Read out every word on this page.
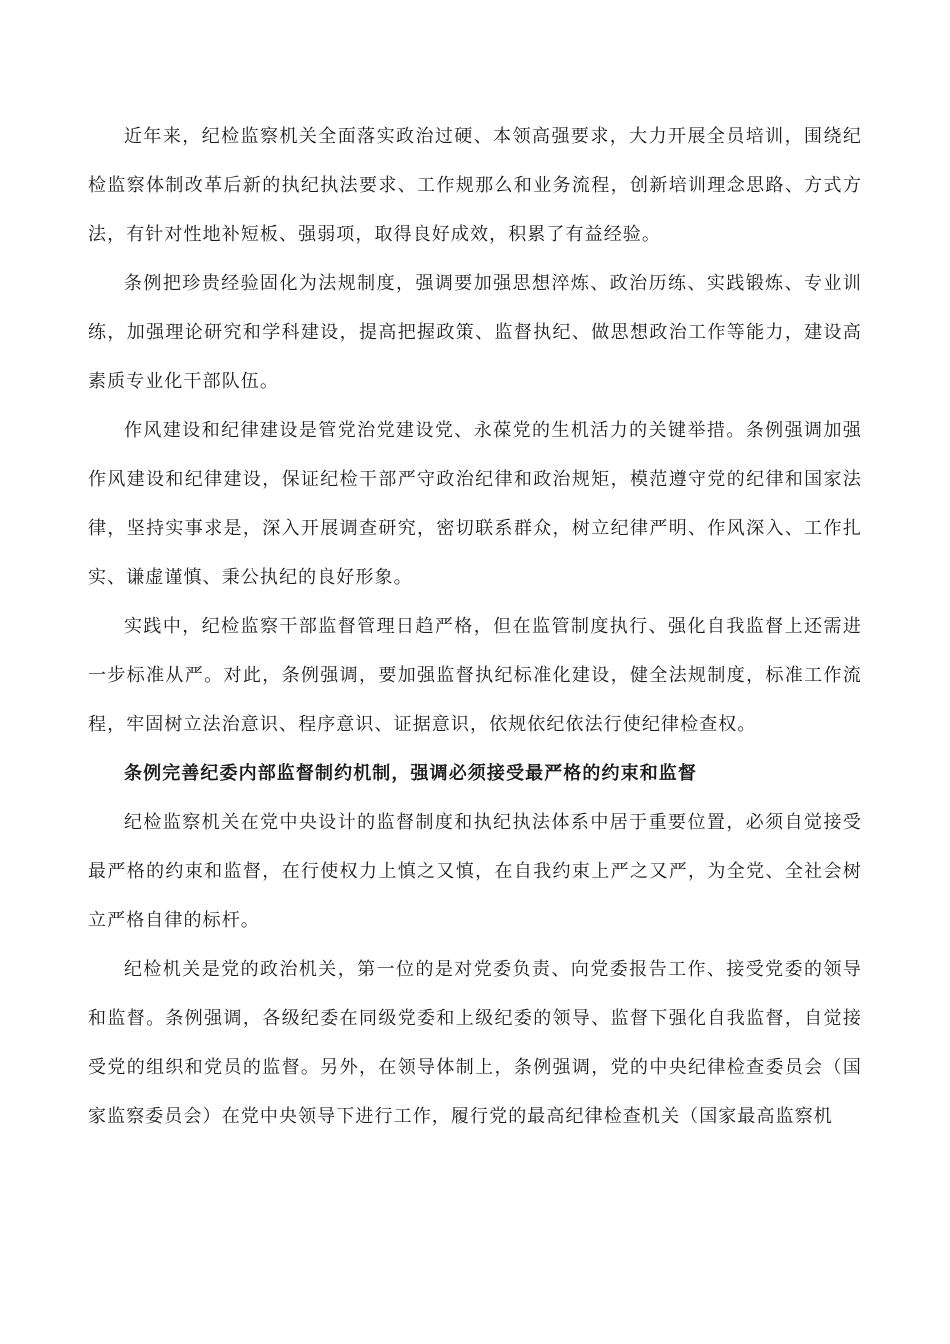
近年来，纪检监察机关全面落实政治过硬、本领高强要求，大力开展全员培训，围绕纪检监察体制改革后新的执纪执法要求、工作规那么和业务流程，创新培训理念思路、方式方法，有针对性地补短板、强弱项，取得良好成效，积累了有益经验。

条例把珍贵经验固化为法规制度，强调要加强思想淬炼、政治历练、实践锻炼、专业训练，加强理论研究和学科建设，提高把握政策、监督执纪、做思想政治工作等能力，建设高素质专业化干部队伍。

作风建设和纪律建设是管党治党建设党、永葆党的生机活力的关键举措。条例强调加强作风建设和纪律建设，保证纪检干部严守政治纪律和政治规矩，模范遵守党的纪律和国家法律，坚持实事求是，深入开展调查研究，密切联系群众，树立纪律严明、作风深入、工作扎实、谦虚谨慎、秉公执纪的良好形象。

实践中，纪检监察干部监督管理日趋严格，但在监管制度执行、强化自我监督上还需进一步标准从严。对此，条例强调，要加强监督执纪标准化建设，健全法规制度，标准工作流程，牢固树立法治意识、程序意识、证据意识，依规依纪依法行使纪律检查权。

条例完善纪委内部监督制约机制，强调必须接受最严格的约束和监督

纪检监察机关在党中央设计的监督制度和执纪执法体系中居于重要位置，必须自觉接受最严格的约束和监督，在行使权力上慎之又慎，在自我约束上严之又严，为全党、全社会树立严格自律的标杆。

纪检机关是党的政治机关，第一位的是对党委负责、向党委报告工作、接受党委的领导和监督。条例强调，各级纪委在同级党委和上级纪委的领导、监督下强化自我监督，自觉接受党的组织和党员的监督。另外，在领导体制上，条例强调，党的中央纪律检查委员会（国家监察委员会）在党中央领导下进行工作，履行党的最高纪律检查机关（国家最高监察机
